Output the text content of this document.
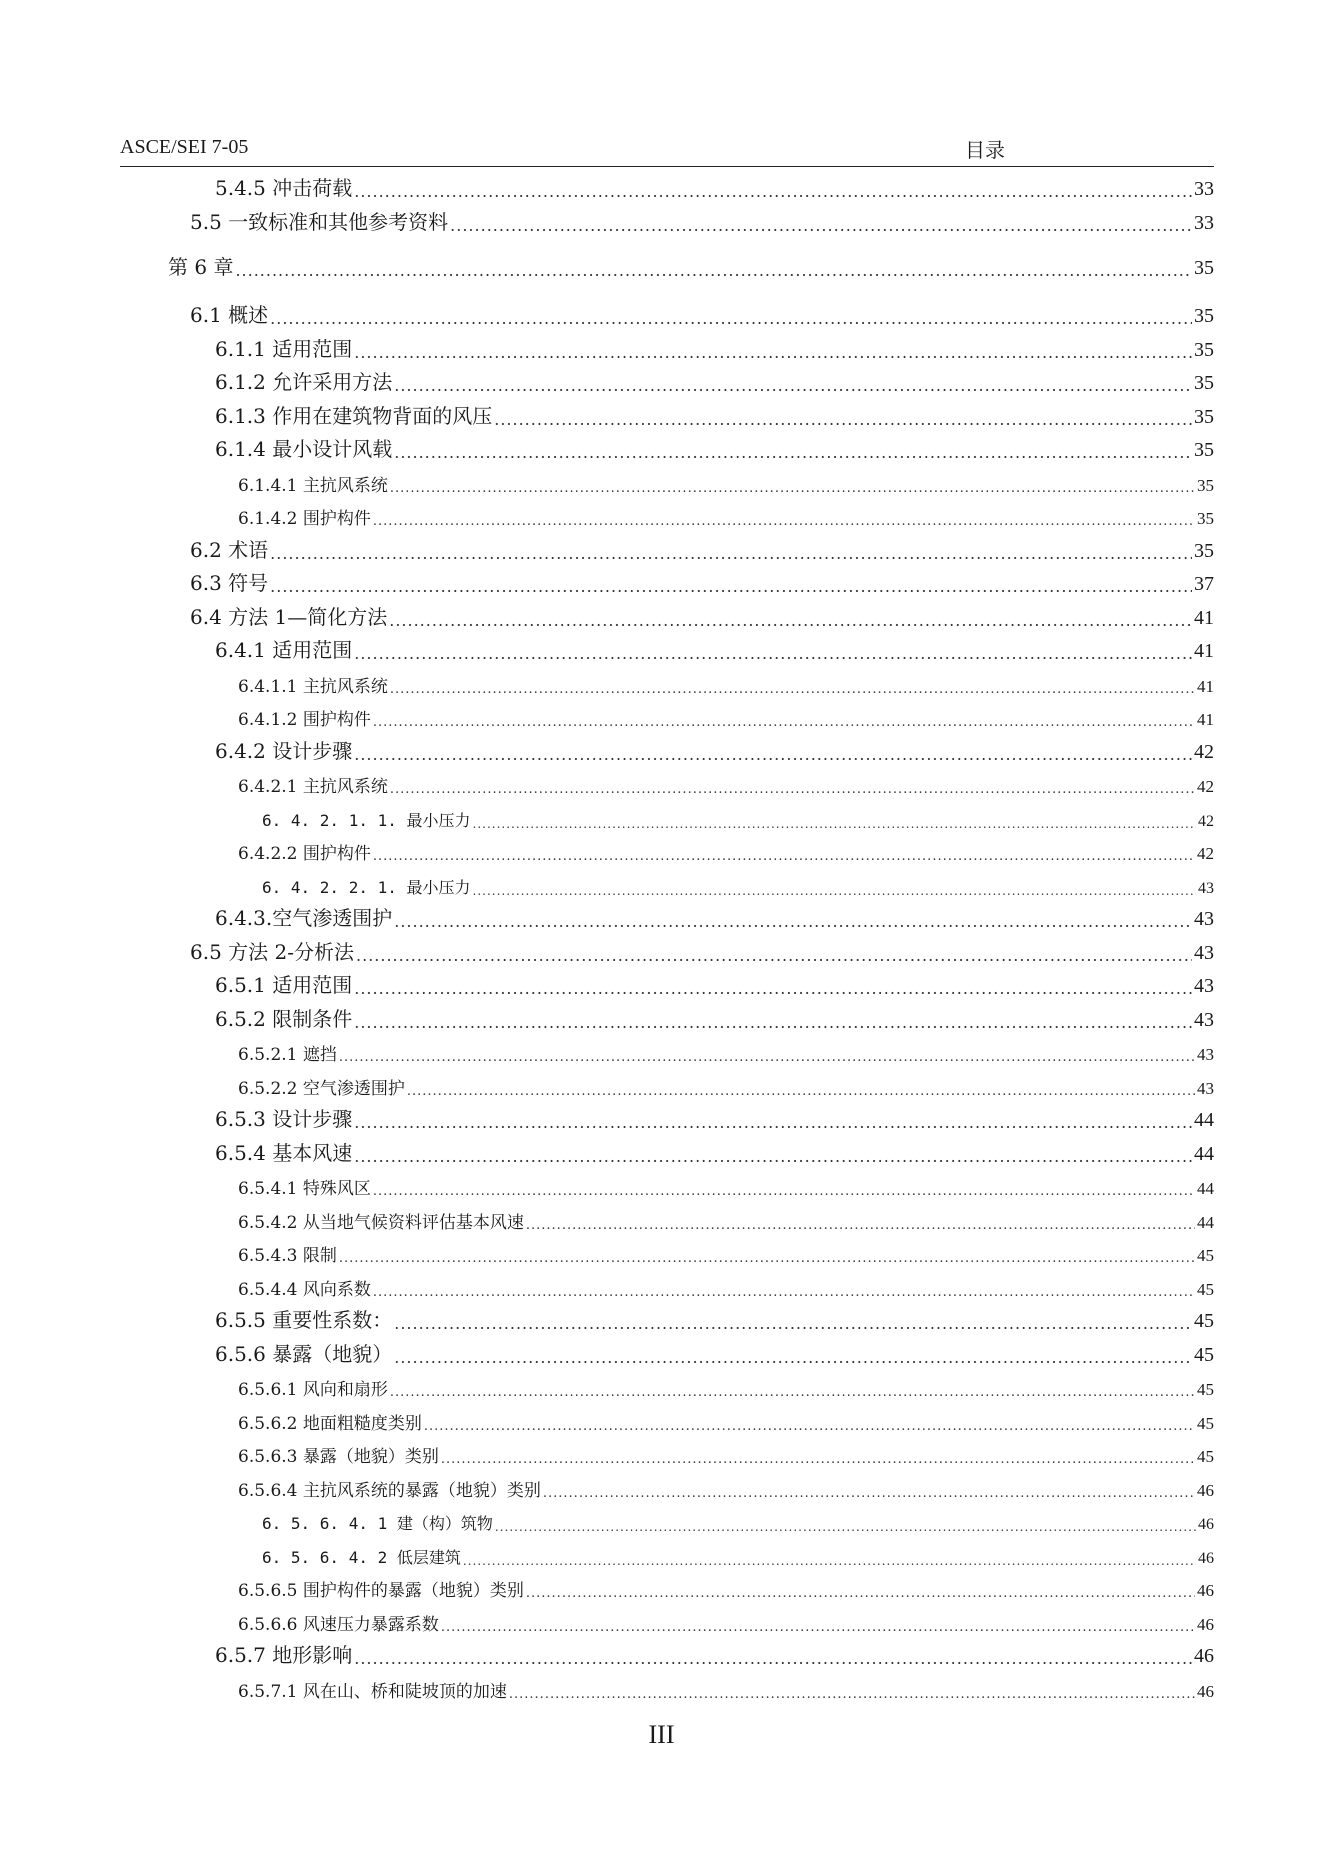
ASCE/SEI 7-05	目录
5.4.5 冲击荷载 .....	33
5.5 一致标准和其他参考资料 .....	33
第 6 章 .....	35
6.1 概述 .....	35
6.1.1 适用范围 .....	35
6.1.2 允许采用方法 .....	35
6.1.3 作用在建筑物背面的风压 .....	35
6.1.4 最小设计风载 .....	35
6.1.4.1 主抗风系统 .....	35
6.1.4.2 围护构件 .....	35
6.2 术语 .....	35
6.3 符号 .....	37
6.4 方法 1—简化方法 .....	41
6.4.1 适用范围 .....	41
6.4.1.1 主抗风系统 .....	41
6.4.1.2 围护构件 .....	41
6.4.2 设计步骤 .....	42
6.4.2.1 主抗风系统 .....	42
6. 4. 2. 1. 1. 最小压力 .....	42
6.4.2.2 围护构件 .....	42
6. 4. 2. 2. 1. 最小压力 .....	43
6.4.3.空气渗透围护 .....	43
6.5 方法 2-分析法 .....	43
6.5.1 适用范围 .....	43
6.5.2 限制条件 .....	43
6.5.2.1 遮挡 .....	43
6.5.2.2 空气渗透围护 .....	43
6.5.3 设计步骤 .....	44
6.5.4 基本风速 .....	44
6.5.4.1 特殊风区 .....	44
6.5.4.2 从当地气候资料评估基本风速 .....	44
6.5.4.3 限制 .....	45
6.5.4.4 风向系数 .....	45
6.5.5 重要性系数： .....	45
6.5.6 暴露（地貌） .....	45
6.5.6.1 风向和扇形 .....	45
6.5.6.2 地面粗糙度类别 .....	45
6.5.6.3 暴露（地貌）类别 .....	45
6.5.6.4 主抗风系统的暴露（地貌）类别 .....	46
6. 5. 6. 4. 1 建（构）筑物 .....	46
6. 5. 6. 4. 2 低层建筑 .....	46
6.5.6.5 围护构件的暴露（地貌）类别 .....	46
6.5.6.6 风速压力暴露系数 .....	46
6.5.7 地形影响 .....	46
6.5.7.1 风在山、桥和陡坡顶的加速 .....	46
III
